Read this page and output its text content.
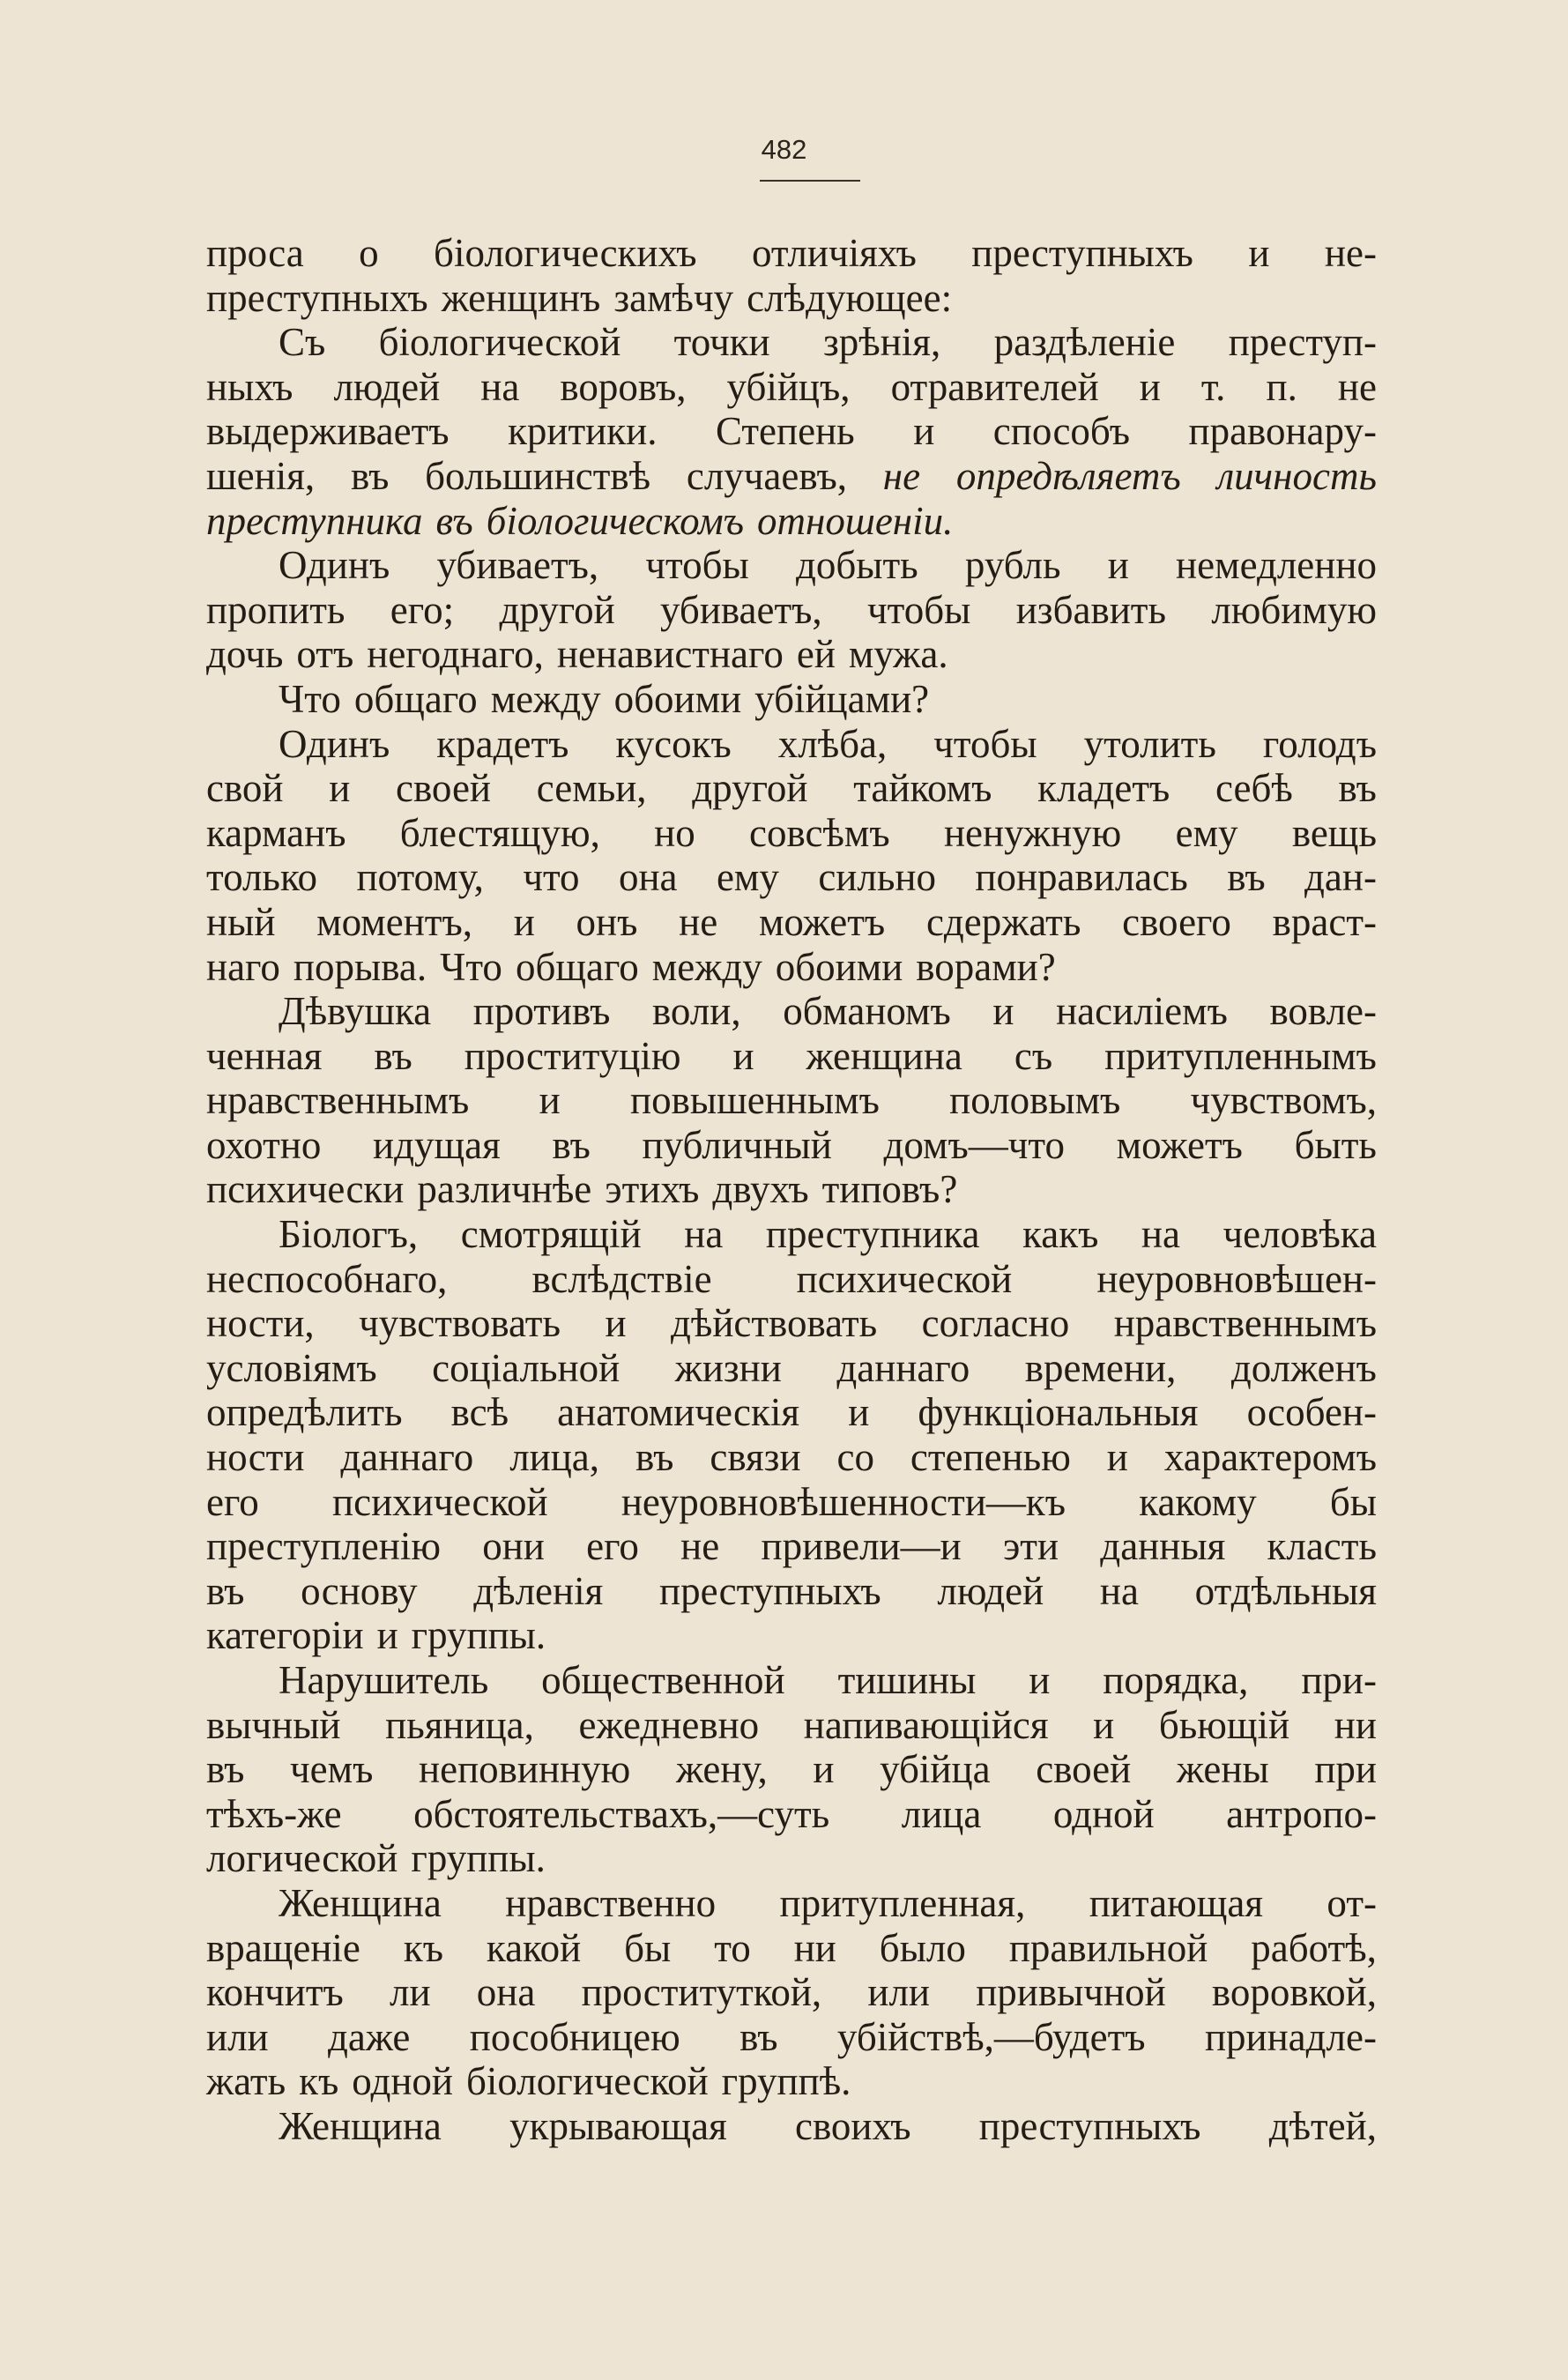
482
проса о біологическихъ отличіяхъ преступныхъ и не-
преступныхъ женщинъ замѣчу слѣдующее:
Съ біологической точки зрѣнія, раздѣленіе преступ-
ныхъ людей на воровъ, убійцъ, отравителей и т. п. не
выдерживаетъ критики. Степень и способъ правонару-
шенія, въ большинствѣ случаевъ, не опредѣляетъ личность
преступника въ біологическомъ отношеніи.
Одинъ убиваетъ, чтобы добыть рубль и немедленно
пропить его; другой убиваетъ, чтобы избавить любимую
дочь отъ негоднаго, ненавистнаго ей мужа.
Что общаго между обоими убійцами?
Одинъ крадетъ кусокъ хлѣба, чтобы утолить голодъ
свой и своей семьи, другой тайкомъ кладетъ себѣ въ
карманъ блестящую, но совсѣмъ ненужную ему вещь
только потому, что она ему сильно понравилась въ дан-
ный моментъ, и онъ не можетъ сдержать своего враст-
наго порыва. Что общаго между обоими ворами?
Дѣвушка противъ воли, обманомъ и насиліемъ вовле-
ченная въ проституцію и женщина съ притупленнымъ
нравственнымъ и повышеннымъ половымъ чувствомъ,
охотно идущая въ публичный домъ—что можетъ быть
психически различнѣе этихъ двухъ типовъ?
Біологъ, смотрящій на преступника какъ на человѣка
неспособнаго, вслѣдствіе психической неуровновѣшен-
ности, чувствовать и дѣйствовать согласно нравственнымъ
условіямъ соціальной жизни даннаго времени, долженъ
опредѣлить всѣ анатомическія и функціональныя особен-
ности даннаго лица, въ связи со степенью и характеромъ
его психической неуровновѣшенности—къ какому бы
преступленію они его не привели—и эти данныя класть
въ основу дѣленія преступныхъ людей на отдѣльныя
категоріи и группы.
Нарушитель общественной тишины и порядка, при-
вычный пьяница, ежедневно напивающійся и бьющій ни
въ чемъ неповинную жену, и убійца своей жены при
тѣхъ-же обстоятельствахъ,—суть лица одной антропо-
логической группы.
Женщина нравственно притупленная, питающая от-
вращеніе къ какой бы то ни было правильной работѣ,
кончитъ ли она проституткой, или привычной воровкой,
или даже пособницею въ убійствѣ,—будетъ принадле-
жать къ одной біологической группѣ.
Женщина укрывающая своихъ преступныхъ дѣтей,
